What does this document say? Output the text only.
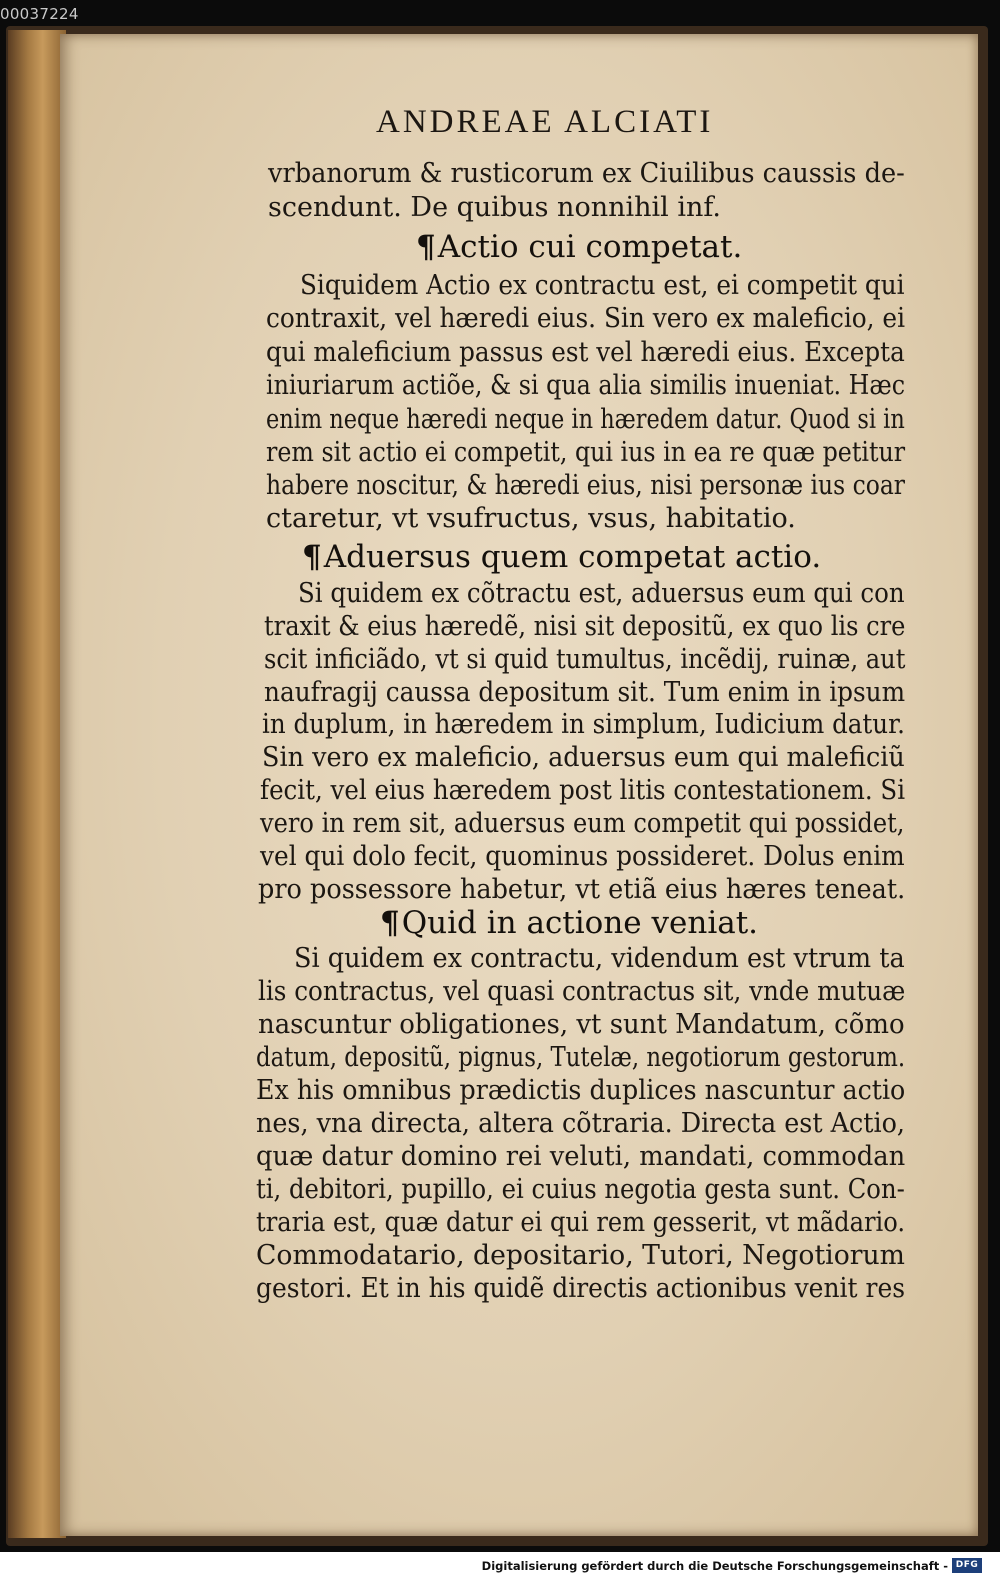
00037224
ANDREAE ALCIATI
vrbanorum & rusticorum ex Ciuilibus caussis de-
scendunt. De quibus nonnihil inf.
¶Actio cui competat.
Siquidem Actio ex contractu est, ei competit qui
contraxit, vel hæredi eius. Sin vero ex maleficio, ei
qui maleficium passus est vel hæredi eius. Excepta
iniuriarum actiõe, & si qua alia similis inueniat. Hæc
enim neque hæredi neque in hæredem datur. Quod si in
rem sit actio ei competit, qui ius in ea re quæ petitur
habere noscitur, & hæredi eius, nisi personæ ius coar
ctaretur, vt vsufructus, vsus, habitatio.
¶Aduersus quem competat actio.
Si quidem ex cõtractu est, aduersus eum qui con
traxit & eius hæredẽ, nisi sit depositũ, ex quo lis cre
scit inficiãdo, vt si quid tumultus, incẽdij, ruinæ, aut
naufragij caussa depositum sit. Tum enim in ipsum
in duplum, in hæredem in simplum, Iudicium datur.
Sin vero ex maleficio, aduersus eum qui maleficiũ
fecit, vel eius hæredem post litis contestationem. Si
vero in rem sit, aduersus eum competit qui possidet,
vel qui dolo fecit, quominus possideret. Dolus enim
pro possessore habetur, vt etiã eius hæres teneat.
¶Quid in actione veniat.
Si quidem ex contractu, videndum est vtrum ta
lis contractus, vel quasi contractus sit, vnde mutuæ
nascuntur obligationes, vt sunt Mandatum, cõmo
datum, depositũ, pignus, Tutelæ, negotiorum gestorum.
Ex his omnibus prædictis duplices nascuntur actio
nes, vna directa, altera cõtraria. Directa est Actio,
quæ datur domino rei veluti, mandati, commodan
ti, debitori, pupillo, ei cuius negotia gesta sunt. Con-
traria est, quæ datur ei qui rem gesserit, vt mãdario.
Commodatario, depositario, Tutori, Negotiorum
gestori. Et in his quidẽ directis actionibus venit res
Digitalisierung gefördert durch die Deutsche Forschungsgemeinschaft - DFG
